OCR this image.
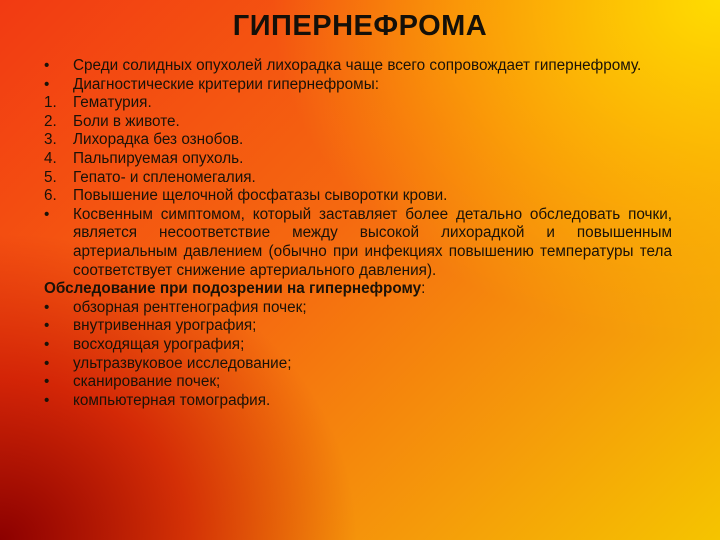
ГИПЕРНЕФРОМА
•	Среди солидных опухолей лихорадка чаще всего сопровождает гипернефрому.
•	Диагностические критерии гипернефромы:
1.	Гематурия.
2.	Боли в животе.
3.	Лихорадка без ознобов.
4.	Пальпируемая опухоль.
5.	Гепато- и спленомегалия.
6.	Повышение щелочной фосфатазы сыворотки крови.
•	Косвенным симптомом, который заставляет более детально обследовать почки, является несоответствие между высокой лихорадкой и повышенным артериальным давлением (обычно при инфекциях повышению температуры тела соответствует снижение артериального давления).
Обследование при подозрении на гипернефрому:
•	обзорная рентгенография почек;
•	внутривенная урография;
•	восходящая урография;
•	ультразвуковое исследование;
•	сканирование почек;
•	компьютерная томография.
